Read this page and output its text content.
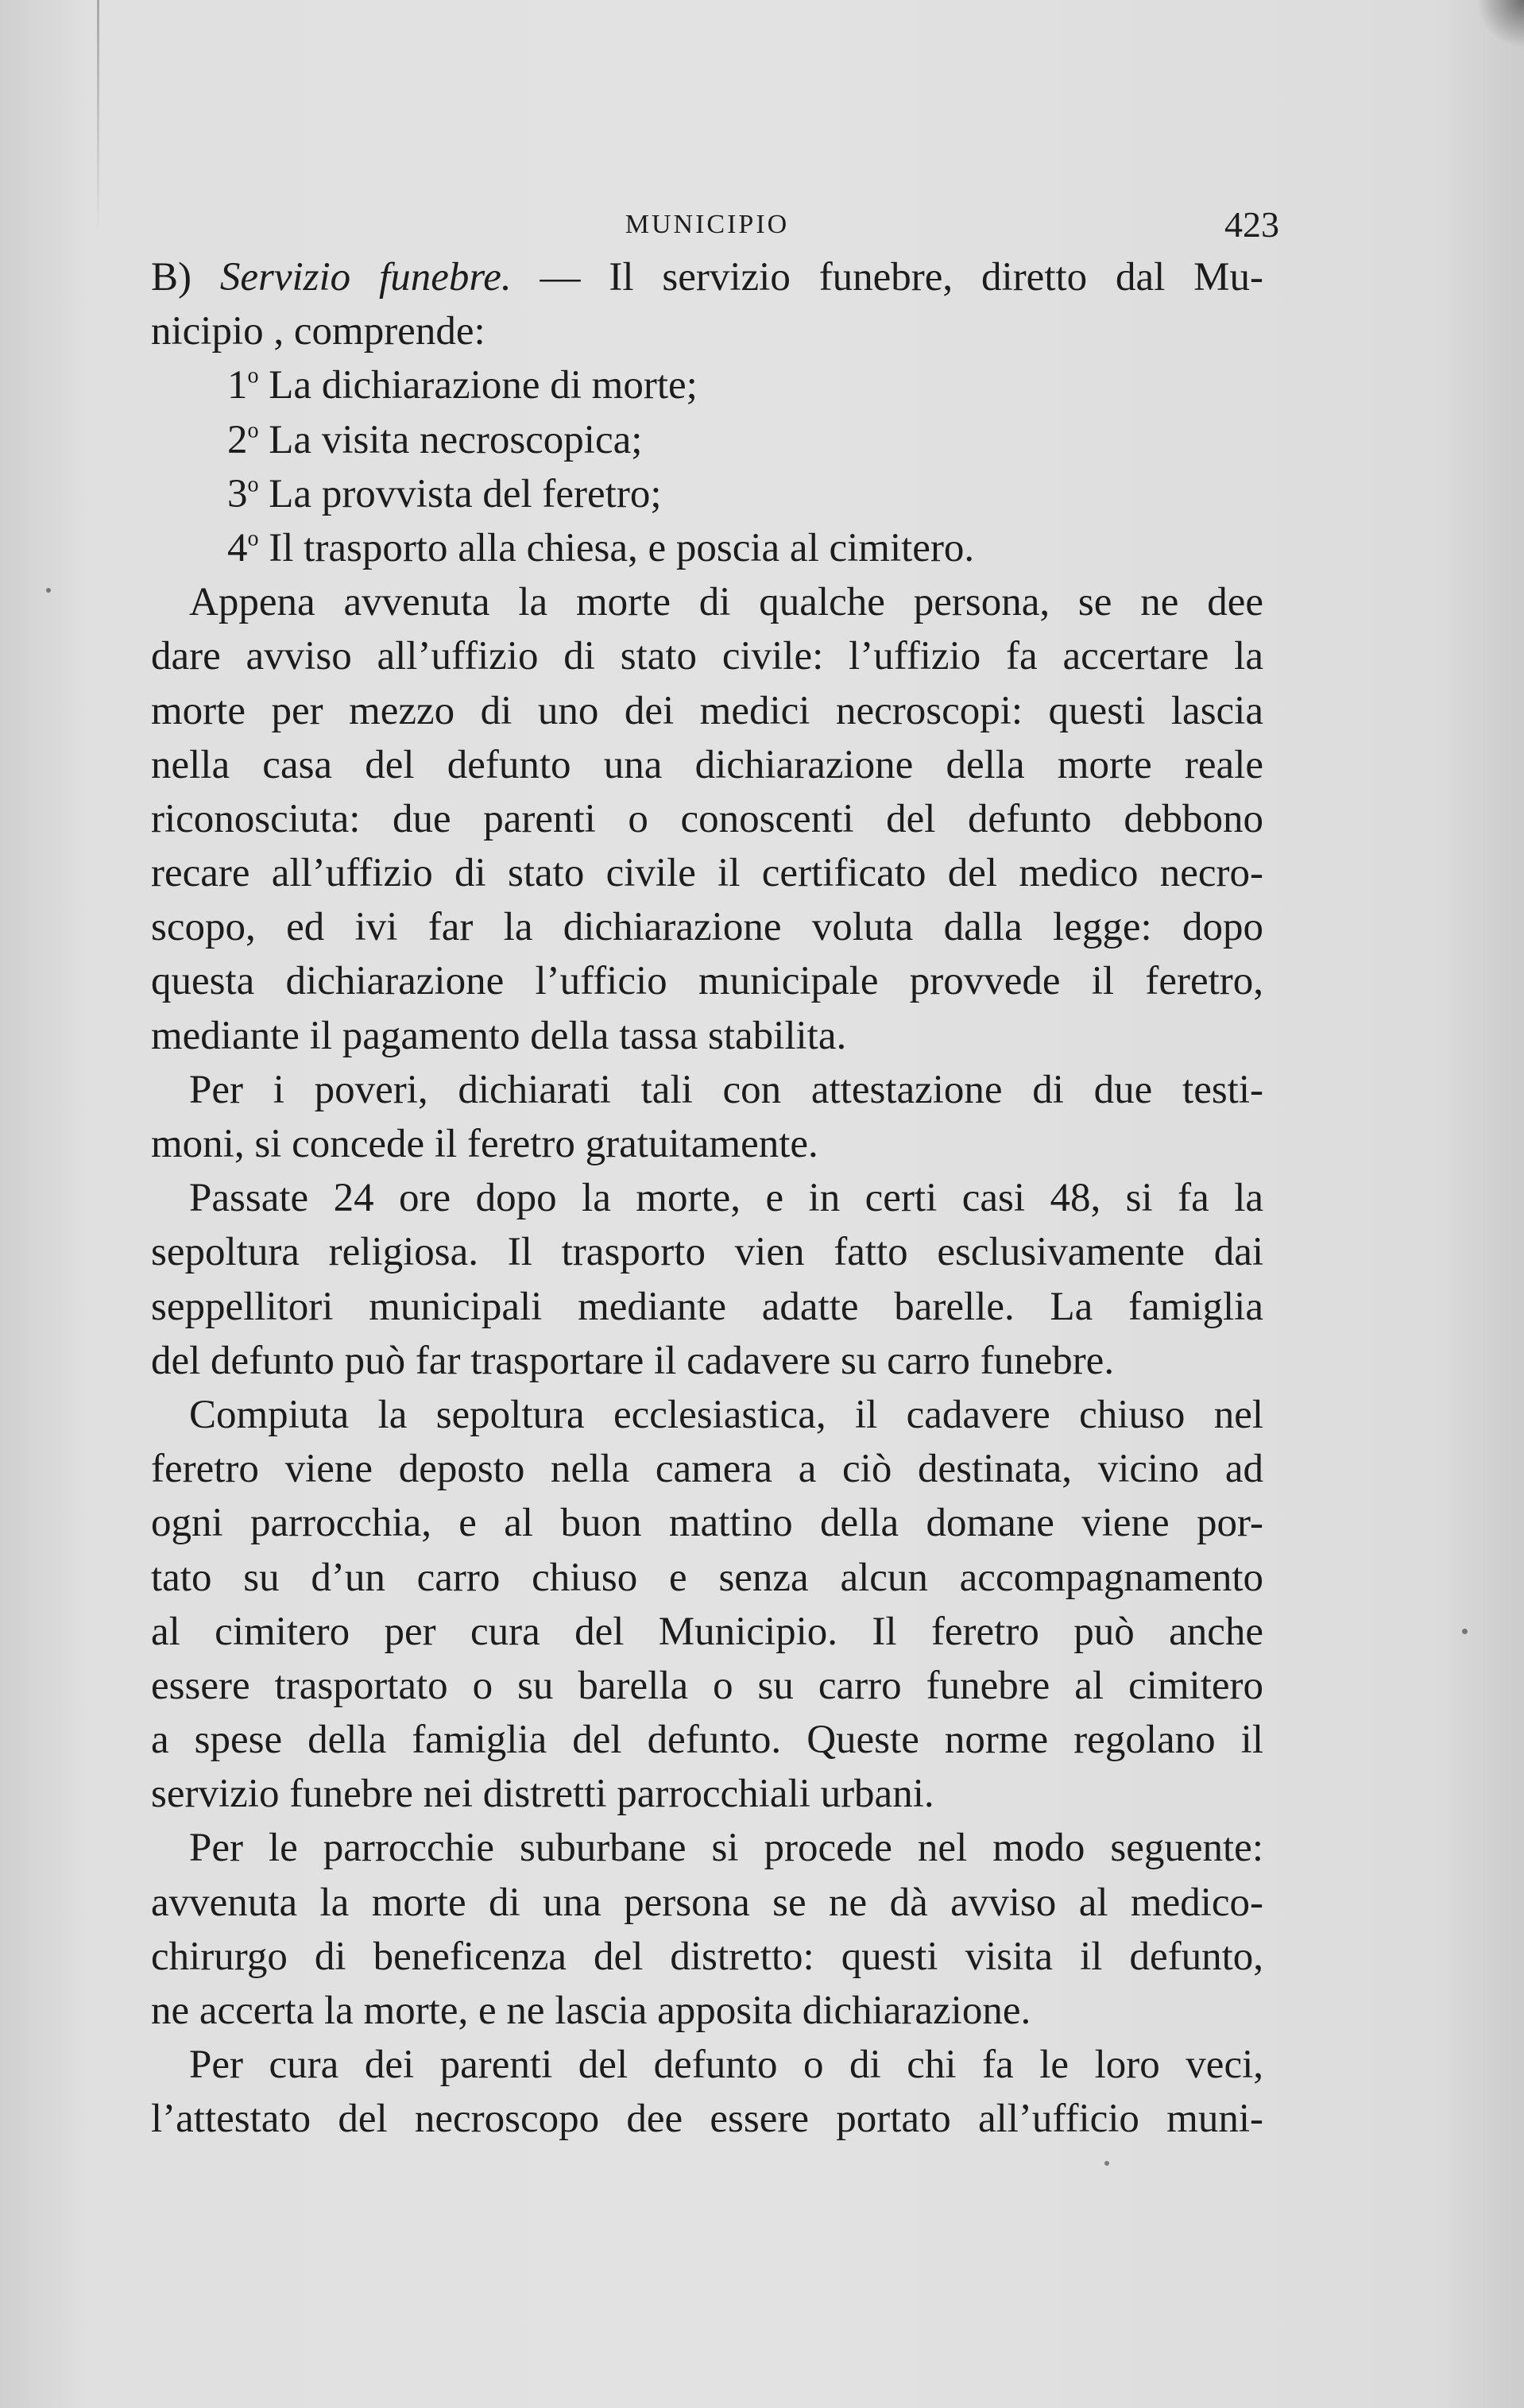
MUNICIPIO	423
B) Servizio funebre. — Il servizio funebre, diretto dal Mu-
nicipio , comprende:
1$^o$ La dichiarazione di morte;
2$^o$ La visita necroscopica;
3$^o$ La provvista del feretro;
4$^o$ Il trasporto alla chiesa, e poscia al cimitero.
Appena avvenuta la morte di qualche persona, se ne dee
dare avviso all’uffizio di stato civile: l’uffizio fa accertare la
morte per mezzo di uno dei medici necroscopi: questi lascia
nella casa del defunto una dichiarazione della morte reale
riconosciuta: due parenti o conoscenti del defunto debbono
recare all’uffizio di stato civile il certificato del medico necro-
scopo, ed ivi far la dichiarazione voluta dalla legge: dopo
questa dichiarazione l’ufficio municipale provvede il feretro,
mediante il pagamento della tassa stabilita.
Per i poveri, dichiarati tali con attestazione di due testi-
moni, si concede il feretro gratuitamente.
Passate 24 ore dopo la morte, e in certi casi 48, si fa la
sepoltura religiosa. Il trasporto vien fatto esclusivamente dai
seppellitori municipali mediante adatte barelle. La famiglia
del defunto può far trasportare il cadavere su carro funebre.
Compiuta la sepoltura ecclesiastica, il cadavere chiuso nel
feretro viene deposto nella camera a ciò destinata, vicino ad
ogni parrocchia, e al buon mattino della domane viene por-
tato su d’un carro chiuso e senza alcun accompagnamento
al cimitero per cura del Municipio. Il feretro può anche
essere trasportato o su barella o su carro funebre al cimitero
a spese della famiglia del defunto. Queste norme regolano il
servizio funebre nei distretti parrocchiali urbani.
Per le parrocchie suburbane si procede nel modo seguente:
avvenuta la morte di una persona se ne dà avviso al medico-
chirurgo di beneficenza del distretto: questi visita il defunto,
ne accerta la morte, e ne lascia apposita dichiarazione.
Per cura dei parenti del defunto o di chi fa le loro veci,
l’attestato del necroscopo dee essere portato all’ufficio muni-
